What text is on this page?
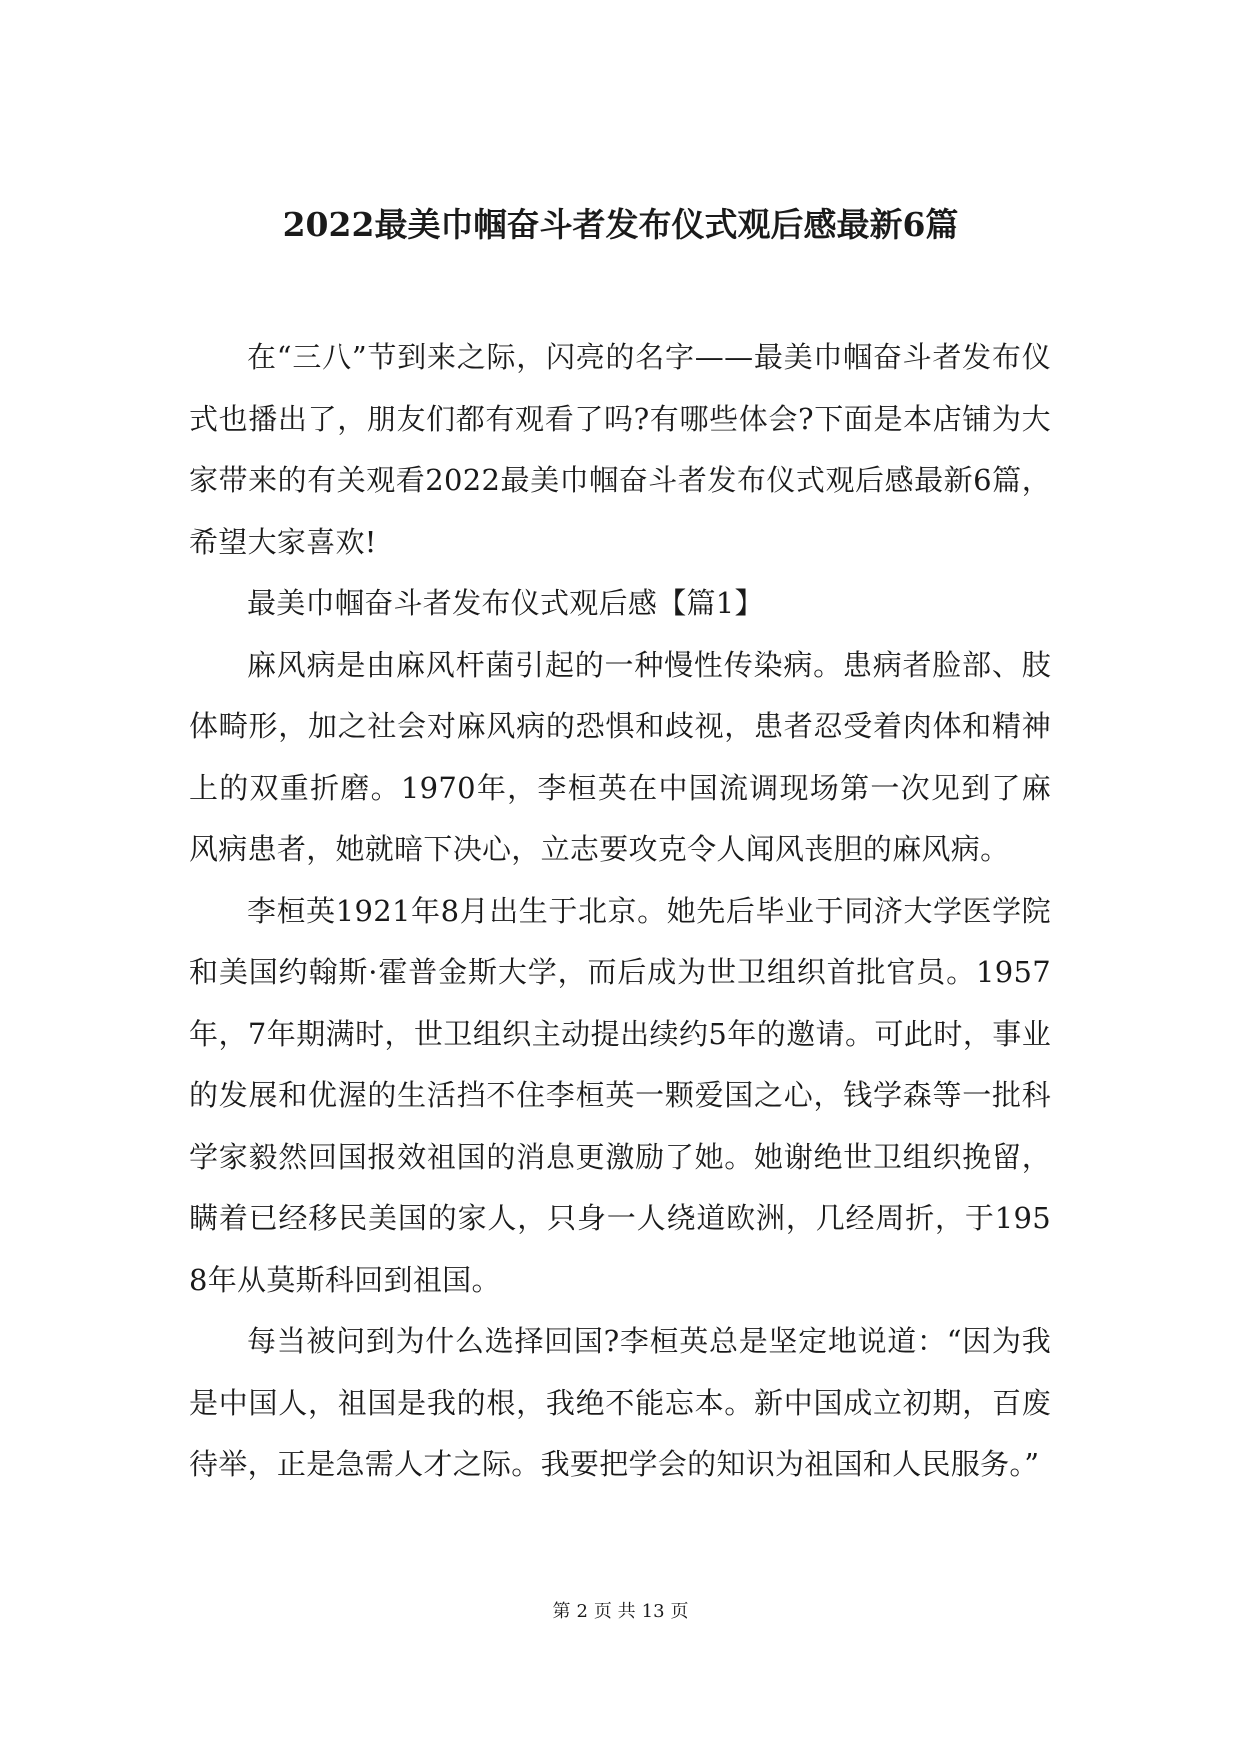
2022最美巾帼奋斗者发布仪式观后感最新6篇

在“三八”节到来之际，闪亮的名字——最美巾帼奋斗者发布仪式也播出了，朋友们都有观看了吗?有哪些体会?下面是本店铺为大家带来的有关观看2022最美巾帼奋斗者发布仪式观后感最新6篇，希望大家喜欢!

最美巾帼奋斗者发布仪式观后感【篇1】

麻风病是由麻风杆菌引起的一种慢性传染病。患病者脸部、肢体畸形，加之社会对麻风病的恐惧和歧视，患者忍受着肉体和精神上的双重折磨。1970年，李桓英在中国流调现场第一次见到了麻风病患者，她就暗下决心，立志要攻克令人闻风丧胆的麻风病。

李桓英1921年8月出生于北京。她先后毕业于同济大学医学院和美国约翰斯·霍普金斯大学，而后成为世卫组织首批官员。1957年，7年期满时，世卫组织主动提出续约5年的邀请。可此时，事业的发展和优渥的生活挡不住李桓英一颗爱国之心，钱学森等一批科学家毅然回国报效祖国的消息更激励了她。她谢绝世卫组织挽留，瞒着已经移民美国的家人，只身一人绕道欧洲，几经周折，于1958年从莫斯科回到祖国。

每当被问到为什么选择回国?李桓英总是坚定地说道：“因为我是中国人，祖国是我的根，我绝不能忘本。新中国成立初期，百废待举，正是急需人才之际。我要把学会的知识为祖国和人民服务。”

第 2 页 共 13 页
